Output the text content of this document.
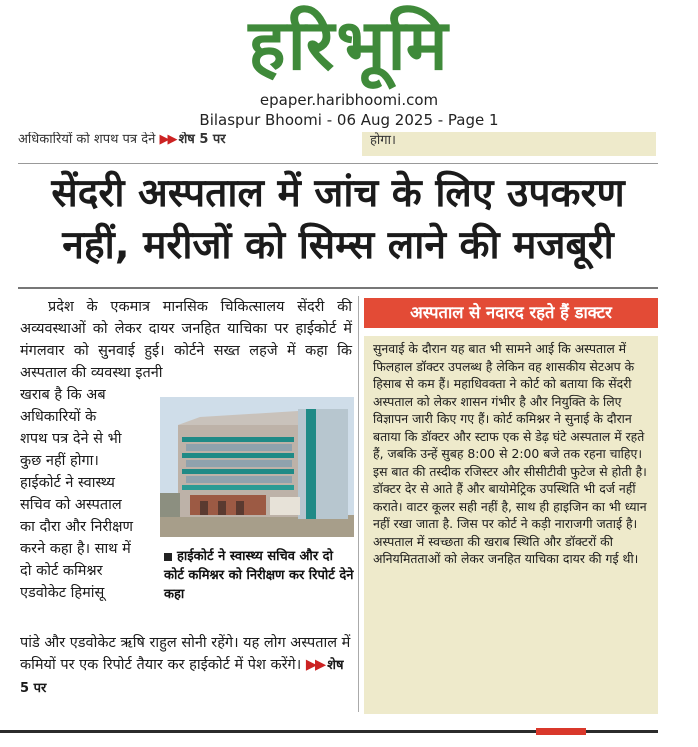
हरिभूमि
epaper.haribhoomi.com
Bilaspur Bhoomi - 06 Aug 2025 - Page 1
अधिकारियों को शपथ पत्र देने ▶▶ शेष 5 पर	होगा।
सेंदरी अस्पताल में जांच के लिए उपकरण
नहीं, मरीजों को सिम्स लाने की मजबूरी

प्रदेश के एकमात्र मानसिक चिकित्सालय सेंदरी की अव्यवस्थाओं को लेकर दायर जनहित याचिका पर हाईकोर्ट में मंगलवार को सुनवाई हुई। कोर्टने सख्त लहजे में कहा कि अस्पताल की व्यवस्था इतनी

खराब है कि अब
अधिकारियों के
शपथ पत्र देने से भी
कुछ नहीं होगा।
हाईकोर्ट ने स्वास्थ्य
सचिव को अस्पताल
का दौरा और निरीक्षण
करने कहा है। साथ में
दो कोर्ट कमिश्नर
एडवोकेट हिमांसू
हाईकोर्ट ने स्वास्थ्य सचिव और दो कोर्ट कमिश्नर को निरीक्षण कर रिपोर्ट देने कहा
पांडे और एडवोकेट ऋषि राहुल सोनी रहेंगे। यह लोग अस्पताल में कमियों पर एक रिपोर्ट तैयार कर हाईकोर्ट में पेश करेंगे। ▶▶ शेष 5 पर
अस्पताल से नदारद रहते हैं डाक्टर

सुनवाई के दौरान यह बात भी सामने आई कि अस्पताल में फिलहाल डॉक्टर उपलब्ध है लेकिन वह शासकीय सेटअप के हिसाब से कम हैं। महाधिवक्ता ने कोर्ट को बताया कि सेंदरी अस्पताल को लेकर शासन गंभीर है और नियुक्ति के लिए विज्ञापन जारी किए गए हैं। कोर्ट कमिश्नर ने सुनाई के दौरान बताया कि डॉक्टर और स्टाफ एक से डेढ़ घंटे अस्पताल में रहते हैं, जबकि उन्हें सुबह 8:00 से 2:00 बजे तक रहना चाहिए। इस बात की तस्दीक रजिस्टर और सीसीटीवी फुटेज से होती है। डॉक्टर देर से आते हैं और बायोमेट्रिक उपस्थिति भी दर्ज नहीं कराते। वाटर कूलर सही नहीं है, साथ ही हाइजिन का भी ध्यान नहीं रखा जाता है. जिस पर कोर्ट ने कड़ी नाराजगी जताई है। अस्पताल में स्वच्छता की खराब स्थिति और डॉक्टरों की अनियमितताओं को लेकर जनहित याचिका दायर की गई थी।
